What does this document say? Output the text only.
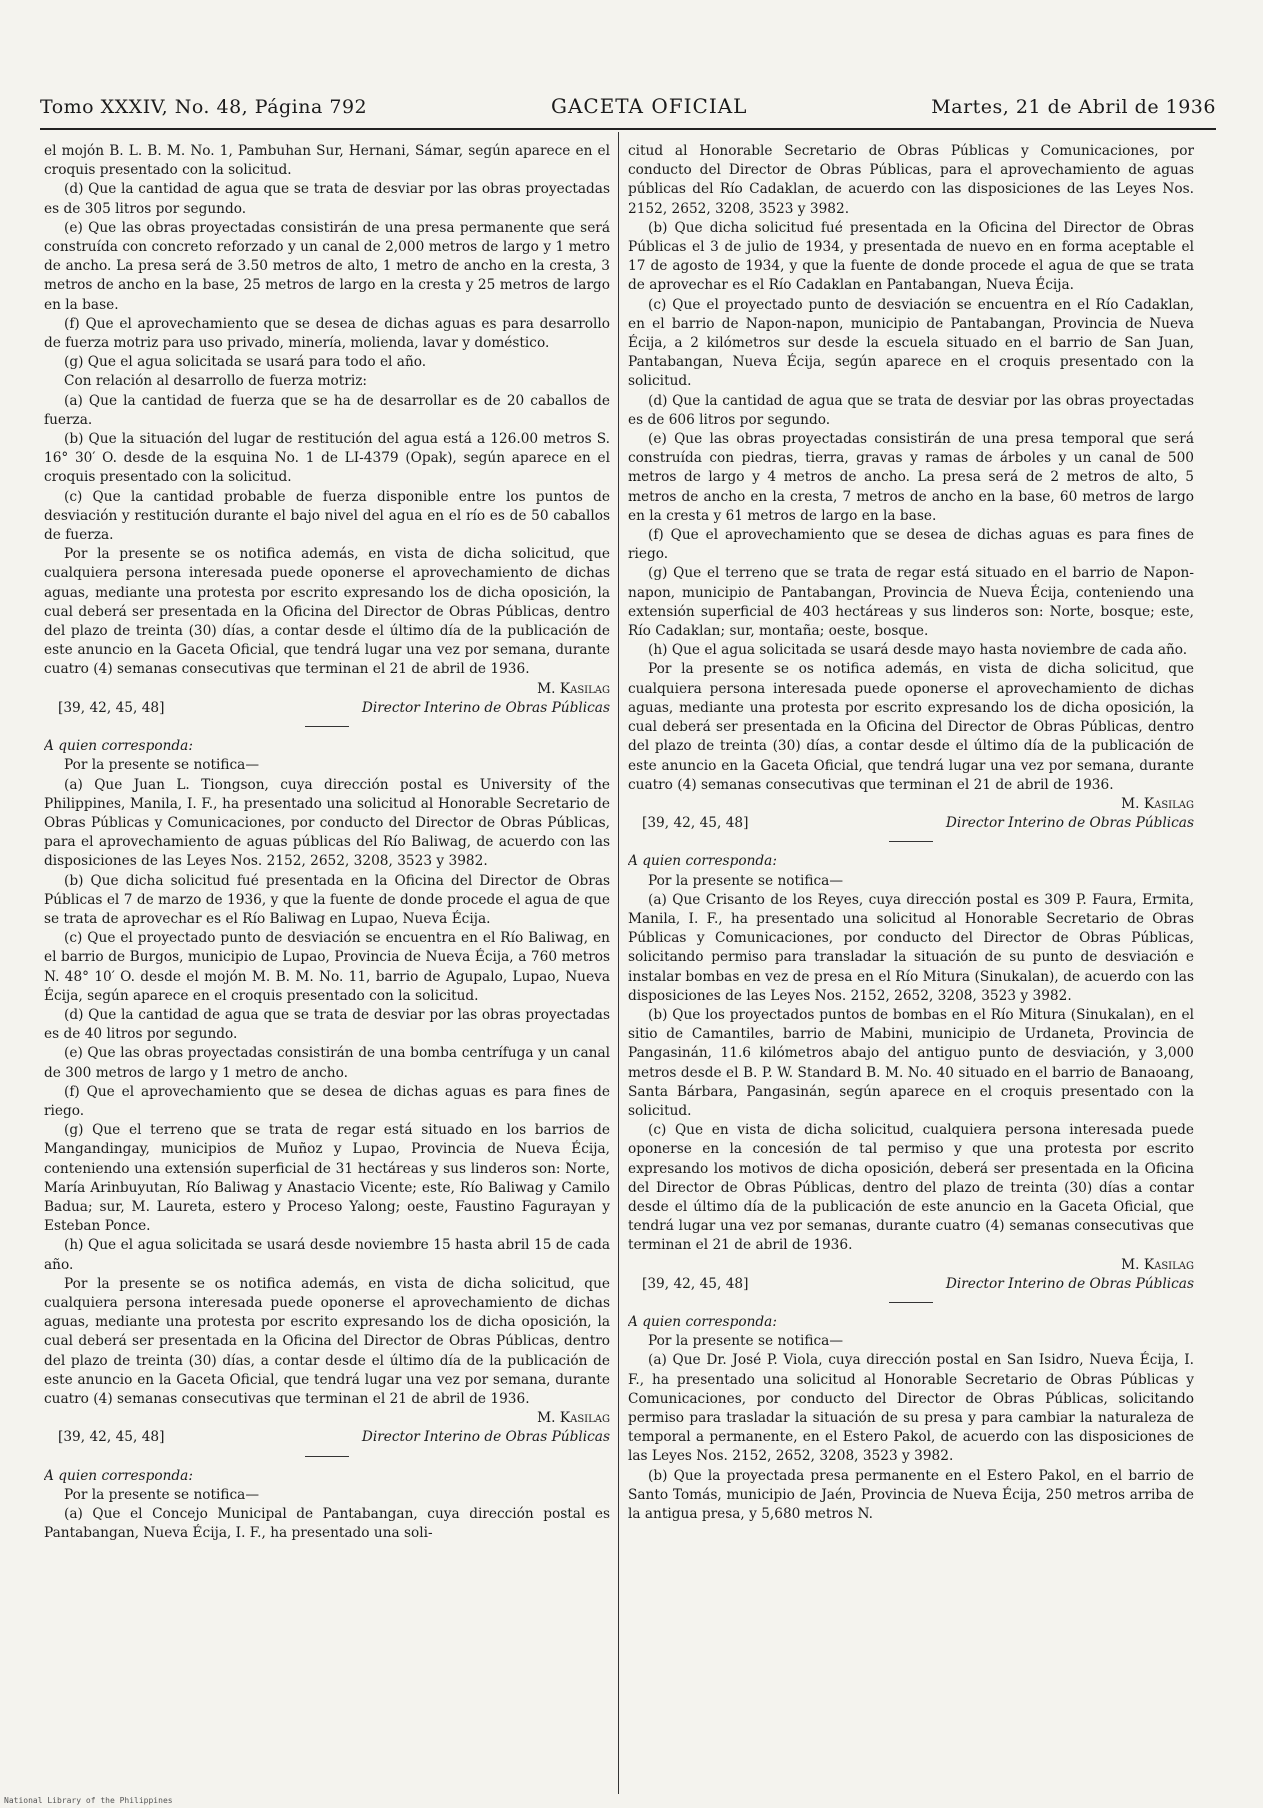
Tomo XXXIV, No. 48, Página 792	GACETA OFICIAL	Martes, 21 de Abril de 1936

el mojón B. L. B. M. No. 1, Pambuhan Sur, Hernani, Sámar, según aparece en el croquis presentado con la solicitud.

(d) Que la cantidad de agua que se trata de desviar por las obras proyectadas es de 305 litros por segundo.

(e) Que las obras proyectadas consistirán de una presa permanente que será construída con concreto reforzado y un canal de 2,000 metros de largo y 1 metro de ancho. La presa será de 3.50 metros de alto, 1 metro de ancho en la cresta, 3 metros de ancho en la base, 25 metros de largo en la cresta y 25 metros de largo en la base.

(f) Que el aprovechamiento que se desea de dichas aguas es para desarrollo de fuerza motriz para uso privado, minería, molienda, lavar y doméstico.

(g) Que el agua solicitada se usará para todo el año.

Con relación al desarrollo de fuerza motriz:

(a) Que la cantidad de fuerza que se ha de desarrollar es de 20 caballos de fuerza.

(b) Que la situación del lugar de restitución del agua está a 126.00 metros S. 16° 30′ O. desde de la esquina No. 1 de LI-4379 (Opak), según aparece en el croquis presentado con la solicitud.

(c) Que la cantidad probable de fuerza disponible entre los puntos de desviación y restitución durante el bajo nivel del agua en el río es de 50 caballos de fuerza.

Por la presente se os notifica además, en vista de dicha solicitud, que cualquiera persona interesada puede oponerse el aprovechamiento de dichas aguas, mediante una protesta por escrito expresando los de dicha oposición, la cual deberá ser presentada en la Oficina del Director de Obras Públicas, dentro del plazo de treinta (30) días, a contar desde el último día de la publicación de este anuncio en la Gaceta Oficial, que tendrá lugar una vez por semana, durante cuatro (4) semanas consecutivas que terminan el 21 de abril de 1936.

M. Kasilag

[39, 42, 45, 48]	Director Interino de Obras Públicas

A quien corresponda:

Por la presente se notifica—

(a) Que Juan L. Tiongson, cuya dirección postal es University of the Philippines, Manila, I. F., ha presentado una solicitud al Honorable Secretario de Obras Públicas y Comunicaciones, por conducto del Director de Obras Públicas, para el aprovechamiento de aguas públicas del Río Baliwag, de acuerdo con las disposiciones de las Leyes Nos. 2152, 2652, 3208, 3523 y 3982.

(b) Que dicha solicitud fué presentada en la Oficina del Director de Obras Públicas el 7 de marzo de 1936, y que la fuente de donde procede el agua de que se trata de aprovechar es el Río Baliwag en Lupao, Nueva Écija.

(c) Que el proyectado punto de desviación se encuentra en el Río Baliwag, en el barrio de Burgos, municipio de Lupao, Provincia de Nueva Écija, a 760 metros N. 48° 10′ O. desde el mojón M. B. M. No. 11, barrio de Agupalo, Lupao, Nueva Écija, según aparece en el croquis presentado con la solicitud.

(d) Que la cantidad de agua que se trata de desviar por las obras proyectadas es de 40 litros por segundo.

(e) Que las obras proyectadas consistirán de una bomba centrífuga y un canal de 300 metros de largo y 1 metro de ancho.

(f) Que el aprovechamiento que se desea de dichas aguas es para fines de riego.

(g) Que el terreno que se trata de regar está situado en los barrios de Mangandingay, municipios de Muñoz y Lupao, Provincia de Nueva Écija, conteniendo una extensión superficial de 31 hectáreas y sus linderos son: Norte, María Arinbuyutan, Río Baliwag y Anastacio Vicente; este, Río Baliwag y Camilo Badua; sur, M. Laureta, estero y Proceso Yalong; oeste, Faustino Fagurayan y Esteban Ponce.

(h) Que el agua solicitada se usará desde noviembre 15 hasta abril 15 de cada año.

Por la presente se os notifica además, en vista de dicha solicitud, que cualquiera persona interesada puede oponerse el aprovechamiento de dichas aguas, mediante una protesta por escrito expresando los de dicha oposición, la cual deberá ser presentada en la Oficina del Director de Obras Públicas, dentro del plazo de treinta (30) días, a contar desde el último día de la publicación de este anuncio en la Gaceta Oficial, que tendrá lugar una vez por semana, durante cuatro (4) semanas consecutivas que terminan el 21 de abril de 1936.

M. Kasilag

[39, 42, 45, 48]	Director Interino de Obras Públicas

A quien corresponda:

Por la presente se notifica—

(a) Que el Concejo Municipal de Pantabangan, cuya dirección postal es Pantabangan, Nueva Écija, I. F., ha presentado una soli-

citud al Honorable Secretario de Obras Públicas y Comunicaciones, por conducto del Director de Obras Públicas, para el aprovechamiento de aguas públicas del Río Cadaklan, de acuerdo con las disposiciones de las Leyes Nos. 2152, 2652, 3208, 3523 y 3982.

(b) Que dicha solicitud fué presentada en la Oficina del Director de Obras Públicas el 3 de julio de 1934, y presentada de nuevo en en forma aceptable el 17 de agosto de 1934, y que la fuente de donde procede el agua de que se trata de aprovechar es el Río Cadaklan en Pantabangan, Nueva Écija.

(c) Que el proyectado punto de desviación se encuentra en el Río Cadaklan, en el barrio de Napon-napon, municipio de Pantabangan, Provincia de Nueva Écija, a 2 kilómetros sur desde la escuela situado en el barrio de San Juan, Pantabangan, Nueva Écija, según aparece en el croquis presentado con la solicitud.

(d) Que la cantidad de agua que se trata de desviar por las obras proyectadas es de 606 litros por segundo.

(e) Que las obras proyectadas consistirán de una presa temporal que será construída con piedras, tierra, gravas y ramas de árboles y un canal de 500 metros de largo y 4 metros de ancho. La presa será de 2 metros de alto, 5 metros de ancho en la cresta, 7 metros de ancho en la base, 60 metros de largo en la cresta y 61 metros de largo en la base.

(f) Que el aprovechamiento que se desea de dichas aguas es para fines de riego.

(g) Que el terreno que se trata de regar está situado en el barrio de Napon-napon, municipio de Pantabangan, Provincia de Nueva Écija, conteniendo una extensión superficial de 403 hectáreas y sus linderos son: Norte, bosque; este, Río Cadaklan; sur, montaña; oeste, bosque.

(h) Que el agua solicitada se usará desde mayo hasta noviembre de cada año.

Por la presente se os notifica además, en vista de dicha solicitud, que cualquiera persona interesada puede oponerse el aprovechamiento de dichas aguas, mediante una protesta por escrito expresando los de dicha oposición, la cual deberá ser presentada en la Oficina del Director de Obras Públicas, dentro del plazo de treinta (30) días, a contar desde el último día de la publicación de este anuncio en la Gaceta Oficial, que tendrá lugar una vez por semana, durante cuatro (4) semanas consecutivas que terminan el 21 de abril de 1936.

M. Kasilag

[39, 42, 45, 48]	Director Interino de Obras Públicas

A quien corresponda:

Por la presente se notifica—

(a) Que Crisanto de los Reyes, cuya dirección postal es 309 P. Faura, Ermita, Manila, I. F., ha presentado una solicitud al Honorable Secretario de Obras Públicas y Comunicaciones, por conducto del Director de Obras Públicas, solicitando permiso para transladar la situación de su punto de desviación e instalar bombas en vez de presa en el Río Mitura (Sinukalan), de acuerdo con las disposiciones de las Leyes Nos. 2152, 2652, 3208, 3523 y 3982.

(b) Que los proyectados puntos de bombas en el Río Mitura (Sinukalan), en el sitio de Camantiles, barrio de Mabini, municipio de Urdaneta, Provincia de Pangasinán, 11.6 kilómetros abajo del antiguo punto de desviación, y 3,000 metros desde el B. P. W. Standard B. M. No. 40 situado en el barrio de Banaoang, Santa Bárbara, Pangasinán, según aparece en el croquis presentado con la solicitud.

(c) Que en vista de dicha solicitud, cualquiera persona interesada puede oponerse en la concesión de tal permiso y que una protesta por escrito expresando los motivos de dicha oposición, deberá ser presentada en la Oficina del Director de Obras Públicas, dentro del plazo de treinta (30) días a contar desde el último día de la publicación de este anuncio en la Gaceta Oficial, que tendrá lugar una vez por semanas, durante cuatro (4) semanas consecutivas que terminan el 21 de abril de 1936.

M. Kasilag

[39, 42, 45, 48]	Director Interino de Obras Públicas

A quien corresponda:

Por la presente se notifica—

(a) Que Dr. José P. Viola, cuya dirección postal en San Isidro, Nueva Écija, I. F., ha presentado una solicitud al Honorable Secretario de Obras Públicas y Comunicaciones, por conducto del Director de Obras Públicas, solicitando permiso para trasladar la situación de su presa y para cambiar la naturaleza de temporal a permanente, en el Estero Pakol, de acuerdo con las disposiciones de las Leyes Nos. 2152, 2652, 3208, 3523 y 3982.

(b) Que la proyectada presa permanente en el Estero Pakol, en el barrio de Santo Tomás, municipio de Jaén, Provincia de Nueva Écija, 250 metros arriba de la antigua presa, y 5,680 metros N.

National Library of the Philippines
